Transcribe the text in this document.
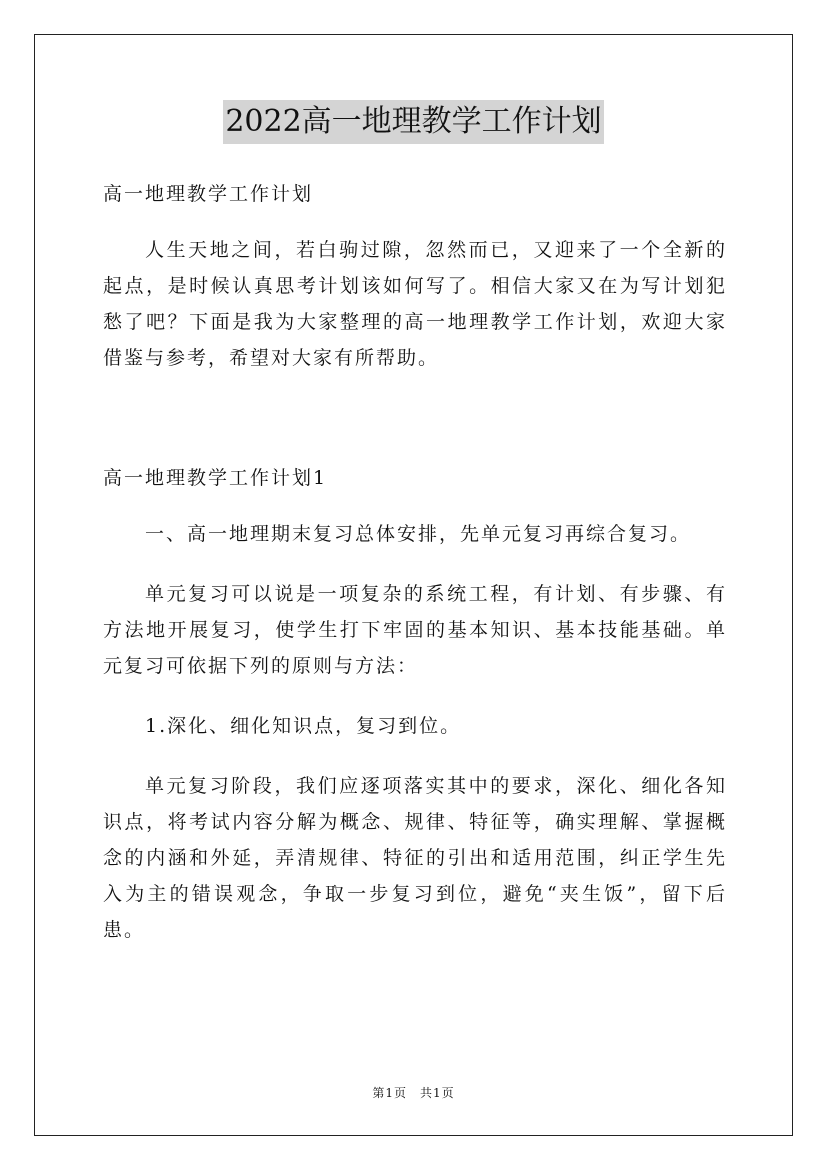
2022高一地理教学工作计划

高一地理教学工作计划

人生天地之间，若白驹过隙，忽然而已，又迎来了一个全新的起点，是时候认真思考计划该如何写了。相信大家又在为写计划犯愁了吧？下面是我为大家整理的高一地理教学工作计划，欢迎大家借鉴与参考，希望对大家有所帮助。

高一地理教学工作计划1

一、高一地理期末复习总体安排，先单元复习再综合复习。

单元复习可以说是一项复杂的系统工程，有计划、有步骤、有方法地开展复习，使学生打下牢固的基本知识、基本技能基础。单元复习可依据下列的原则与方法：

1.深化、细化知识点，复习到位。

单元复习阶段，我们应逐项落实其中的要求，深化、细化各知识点，将考试内容分解为概念、规律、特征等，确实理解、掌握概念的内涵和外延，弄清规律、特征的引出和适用范围，纠正学生先入为主的错误观念，争取一步复习到位，避免“夹生饭”，留下后患。

第1页　共1页
